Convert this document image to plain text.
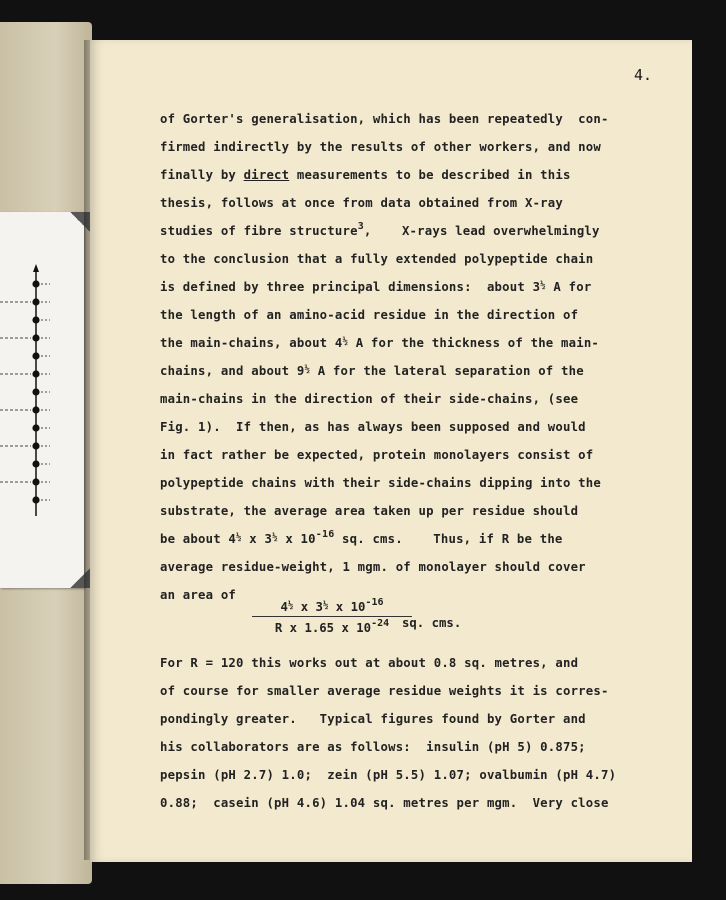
4.

of Gorter's generalisation, which has been repeatedly  con-

firmed indirectly by the results of other workers, and now

finally by direct measurements to be described in this

thesis, follows at once from data obtained from X-ray

studies of fibre structure$^3$,    X-rays lead overwhelmingly

to the conclusion that a fully extended polypeptide chain

is defined by three principal dimensions:  about $3^{\frac{1}{2}}$ A for

the length of an amino-acid residue in the direction of

the main-chains, about $4^{\frac{1}{2}}$ A for the thickness of the main-

chains, and about $9^{\frac{1}{2}}$ A for the lateral separation of the

main-chains in the direction of their side-chains, (see

Fig. 1).  If then, as has always been supposed and would

in fact rather be expected, protein monolayers consist of

polypeptide chains with their side-chains dipping into the

substrate, the average area taken up per residue should

be about $4^{\frac{1}{2}}$ x $3^{\frac{1}{2}}$ x $10^{-16}$ sq. cms.    Thus, if R be the

average residue-weight, 1 mgm. of monolayer should cover

an area of

$4^{\frac{1}{2}}$ x $3^{\frac{1}{2}}$ x $10^{-16}$
R x 1.65 x $10^{-24}$	sq. cms.

For R = 120 this works out at about 0.8 sq. metres, and

of course for smaller average residue weights it is corres-

pondingly greater.   Typical figures found by Gorter and

his collaborators are as follows:  insulin (pH 5) 0.875;

pepsin (pH 2.7) 1.0;  zein (pH 5.5) 1.07; ovalbumin (pH 4.7)

0.88;  casein (pH 4.6) 1.04 sq. metres per mgm.  Very close
